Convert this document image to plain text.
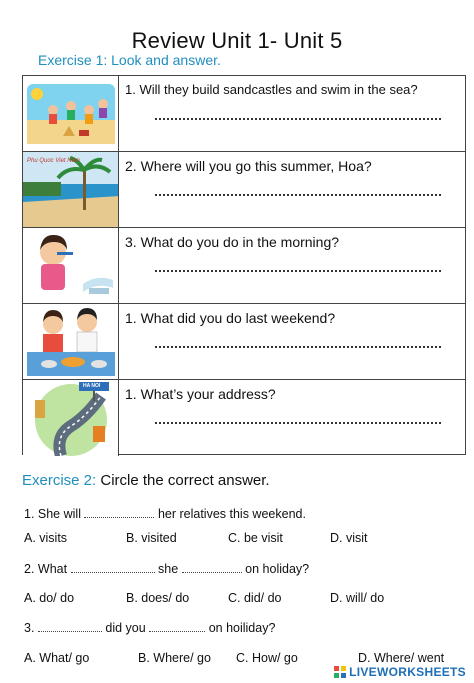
Review Unit 1- Unit 5
Exercise 1: Look and answer.
1. Will they build sandcastles and swim in the sea?
Phu Quoc Viet Nam	2. Where will you go this summer, Hoa?
3. What do you do in the morning?
1. What did you do last weekend?
HA NOI 1. What’s your address?
Exercise 2: Circle the correct answer.
1. She will	her relatives this weekend.
A. visits	B. visited	C. be visit	D. visit
2. What	she	on holiday?
A. do/ do	B. does/ do	C. did/ do	D. will/ do
3.	did you	on hoiliday?
A. What/ go	B. Where/ go C. How/ go	D. Where/ went
LIVEWORKSHEETS
